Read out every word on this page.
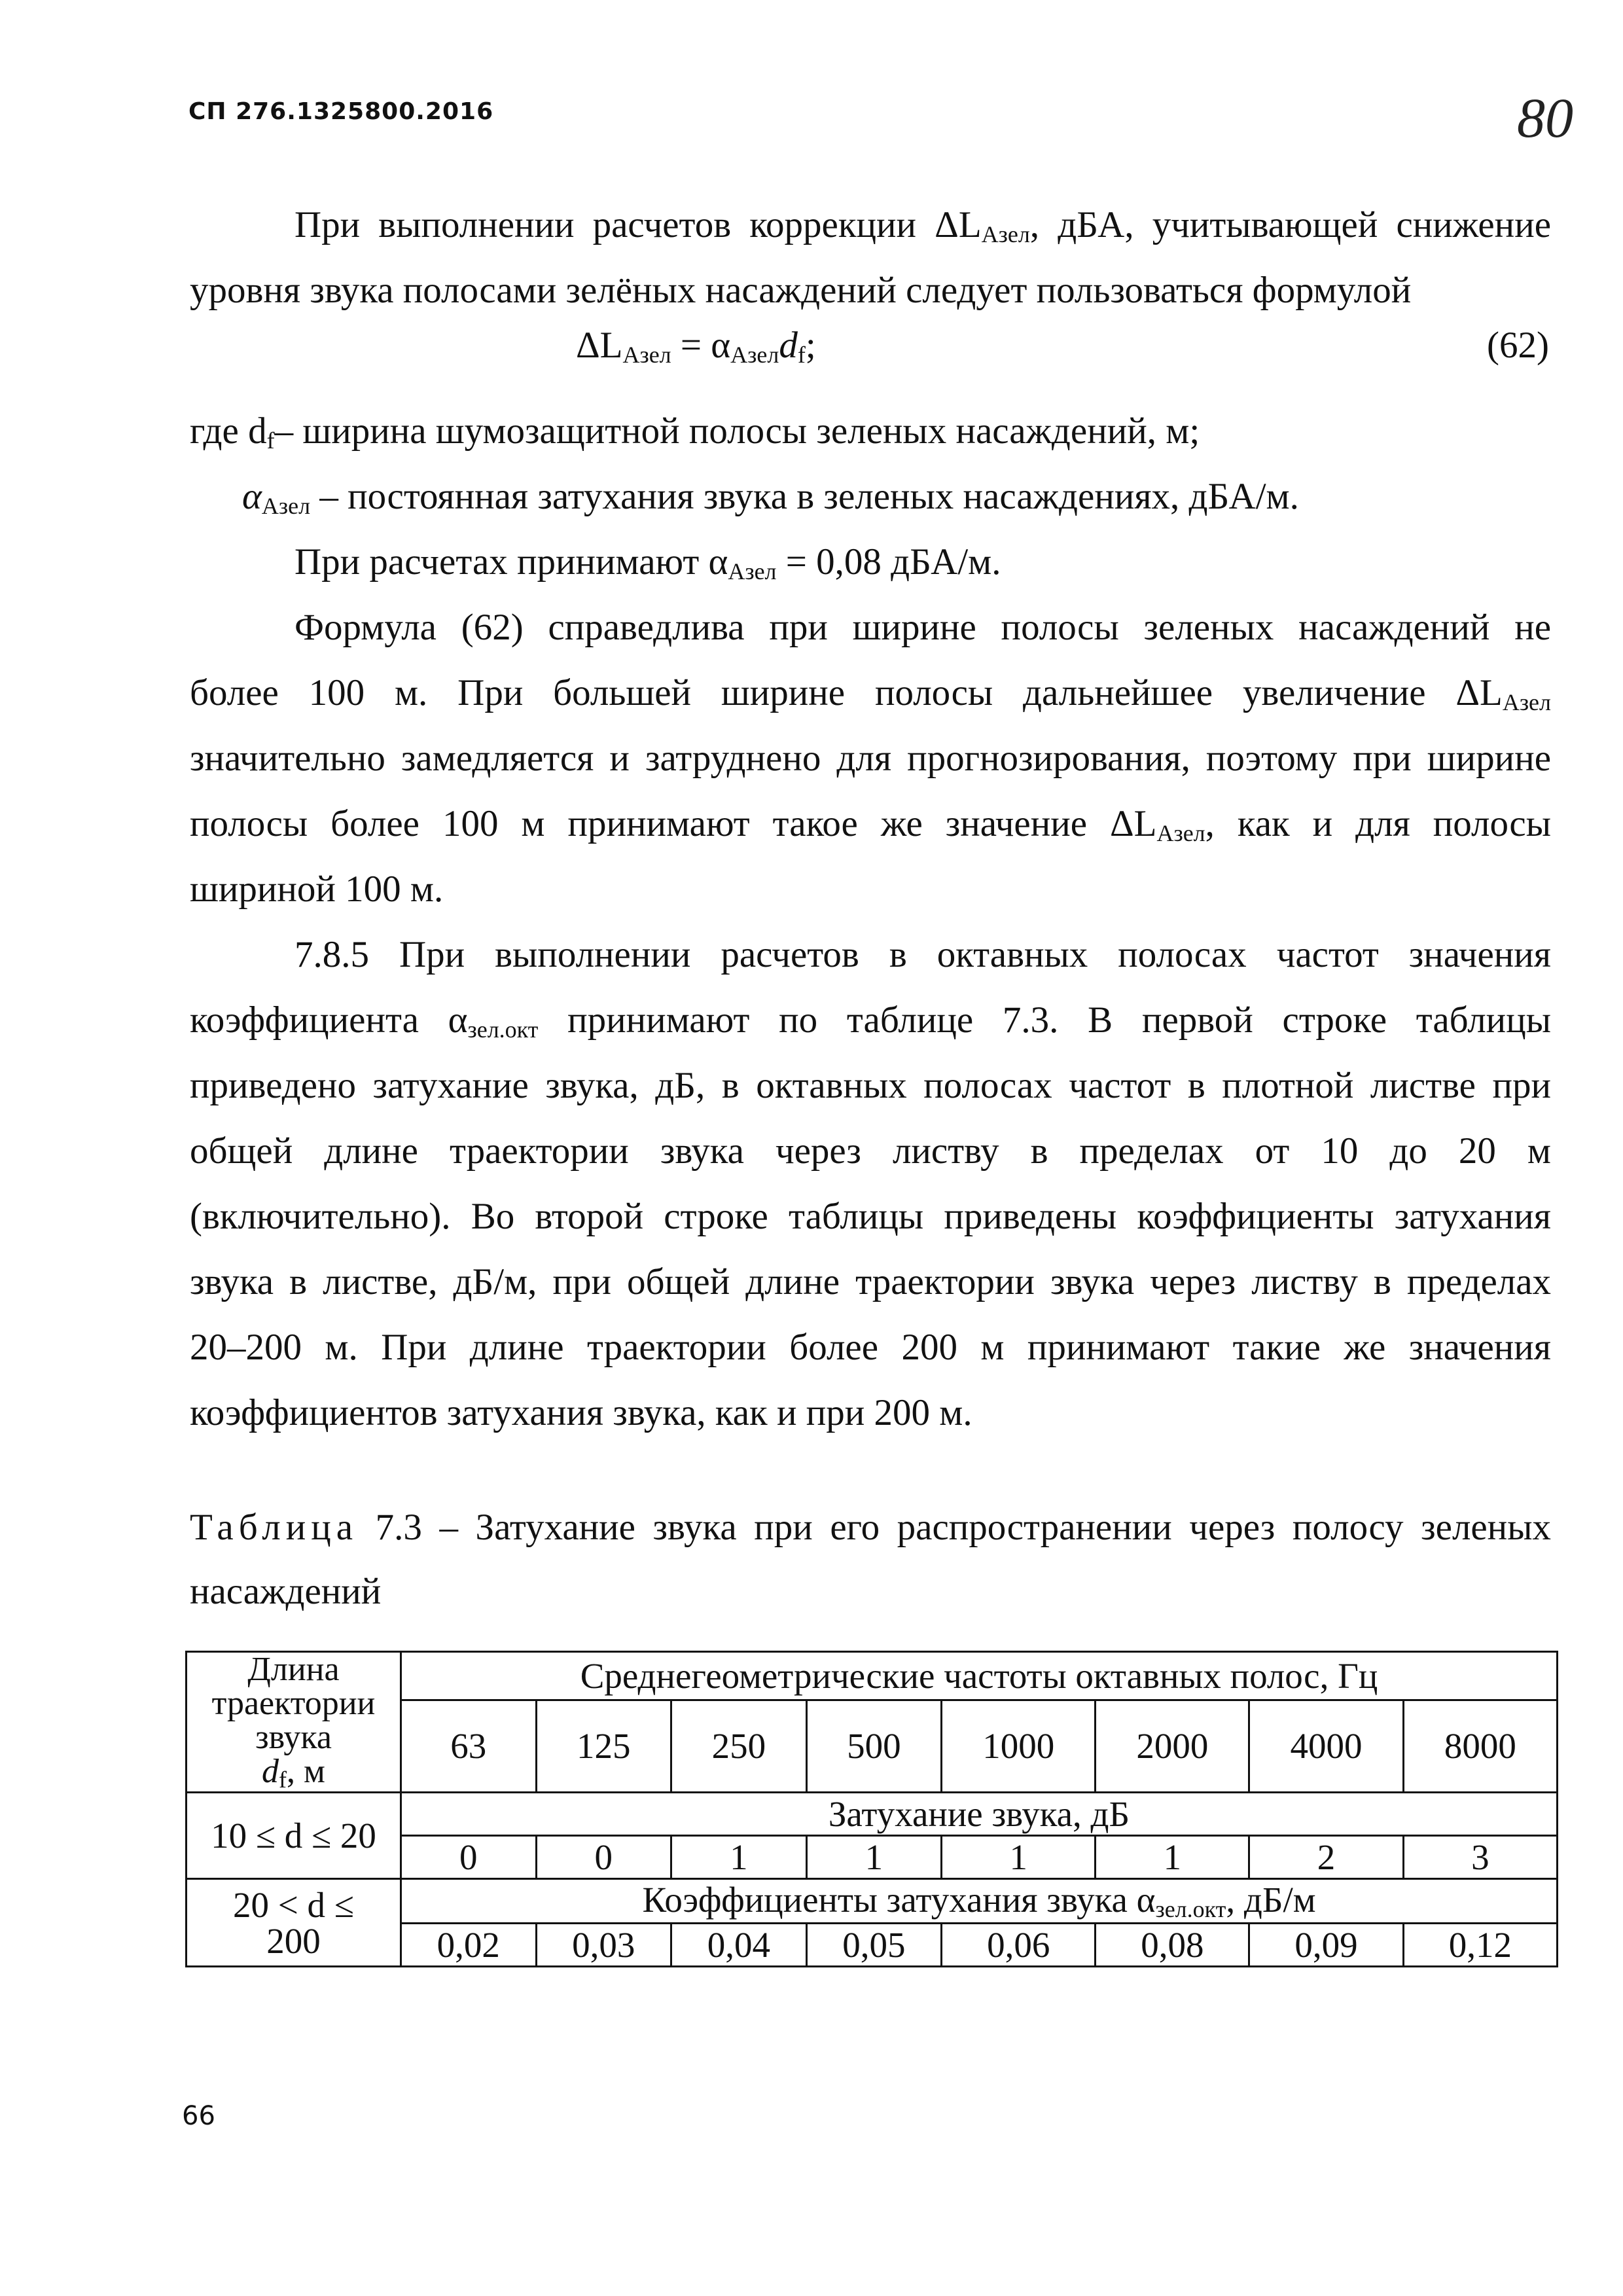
СП 276.1325800.2016	80
При выполнении расчетов коррекции $\Delta L_{Азел}$, дБА, учитывающей снижение
уровня звука полосами зелёных насаждений следует пользоваться формулой
$\Delta L_{Азел} = \alpha_{Азел}d_f$;	(62)
где $d_f-$ ширина шумозащитной полосы зеленых насаждений, м;
$\alpha_{Азел}$ – постоянная затухания звука в зеленых насаждениях, дБА/м.
При расчетах принимают $\alpha_{Азел} = 0,08$ дБА/м.
Формула (62) справедлива при ширине полосы зеленых насаждений не
более 100 м. При большей ширине полосы дальнейшее увеличение $\Delta L_{Азел}$
значительно замедляется и затруднено для прогнозирования, поэтому при ширине
полосы более 100 м принимают такое же значение $\Delta L_{Азел}$, как и для полосы
шириной 100 м.
7.8.5 При выполнении расчетов в октавных полосах частот значения
коэффициента $\alpha_{зел.окт}$ принимают по таблице 7.3. В первой строке таблицы
приведено затухание звука, дБ, в октавных полосах частот в плотной листве при
общей длине траектории звука через листву в пределах от 10 до 20 м
(включительно). Во второй строке таблицы приведены коэффициенты затухания
звука в листве, дБ/м, при общей длине траектории звука через листву в пределах
20–200 м. При длине траектории более 200 м принимают такие же значения
коэффициентов затухания звука, как и при 200 м.
Таблица 7.3 – Затухание звука при его распространении через полосу зеленых
насаждений
Длина траектории звука
$d_f$, м	Среднегеометрические частоты октавных полос, Гц							
	63	125	250	500	1000	2000	4000	8000
10 ≤ d ≤ 20	Затухание звука, дБ							
	0	0	1	1	1	1	2	3
20 < d ≤
200	Коэффициенты затухания звука $\alpha_{зел.окт}$, дБ/м							
	0,02	0,03	0,04	0,05	0,06	0,08	0,09	0,12
66
